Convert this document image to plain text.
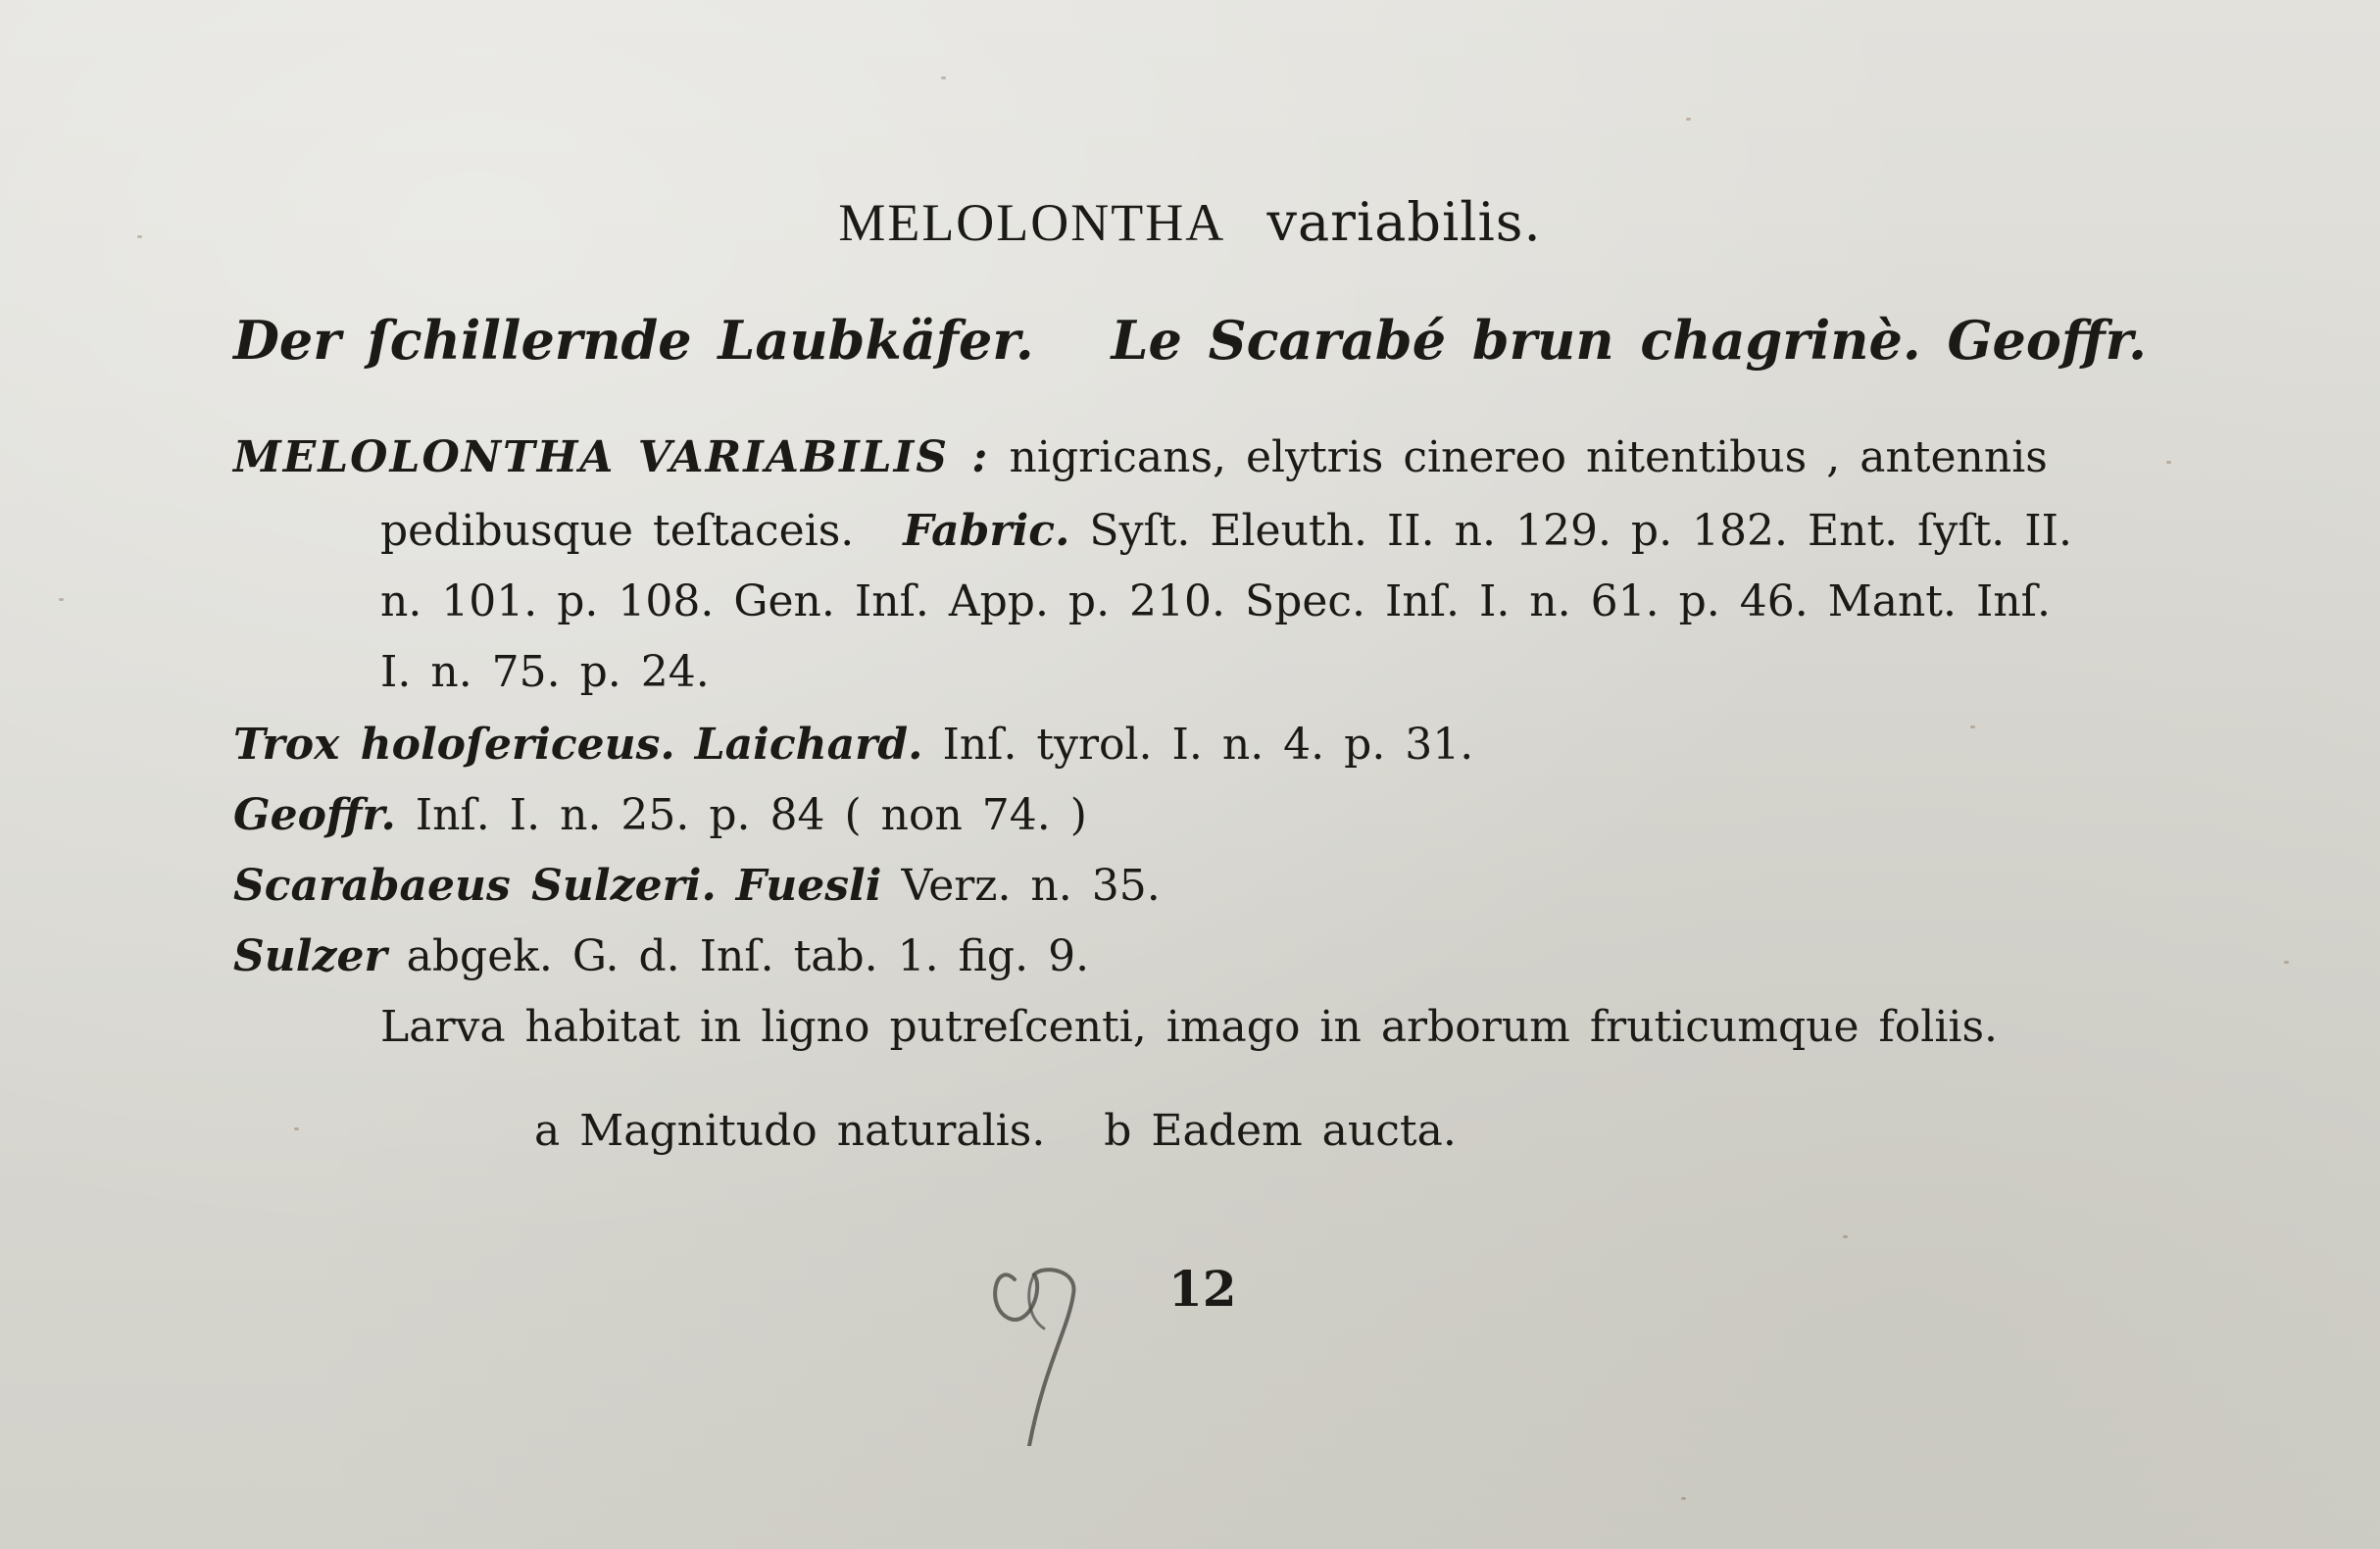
MELOLONTHA variabilis.
Der ſchillernde Laubkäfer. Le Scarabé brun chagrinè. Geoffr.
MELOLONTHA VARIABILIS : nigricans, elytris cinereo nitentibus , antennis
pedibusque teſtaceis. Fabric. Syſt. Eleuth. II. n. 129. p. 182. Ent. ſyſt. II.
n. 101. p. 108. Gen. Inſ. App. p. 210. Spec. Inſ. I. n. 61. p. 46. Mant. Inſ.
I. n. 75. p. 24.
Trox holoſericeus. Laichard. Inſ. tyrol. I. n. 4. p. 31.
Geoffr. Inſ. I. n. 25. p. 84 ( non 74. )
Scarabaeus Sulzeri. Fuesli Verz. n. 35.
Sulzer abgek. G. d. Inſ. tab. 1. fig. 9.
Larva habitat in ligno putreſcenti, imago in arborum fruticumque foliis.
a Magnitudo naturalis.   b Eadem aucta.
12
